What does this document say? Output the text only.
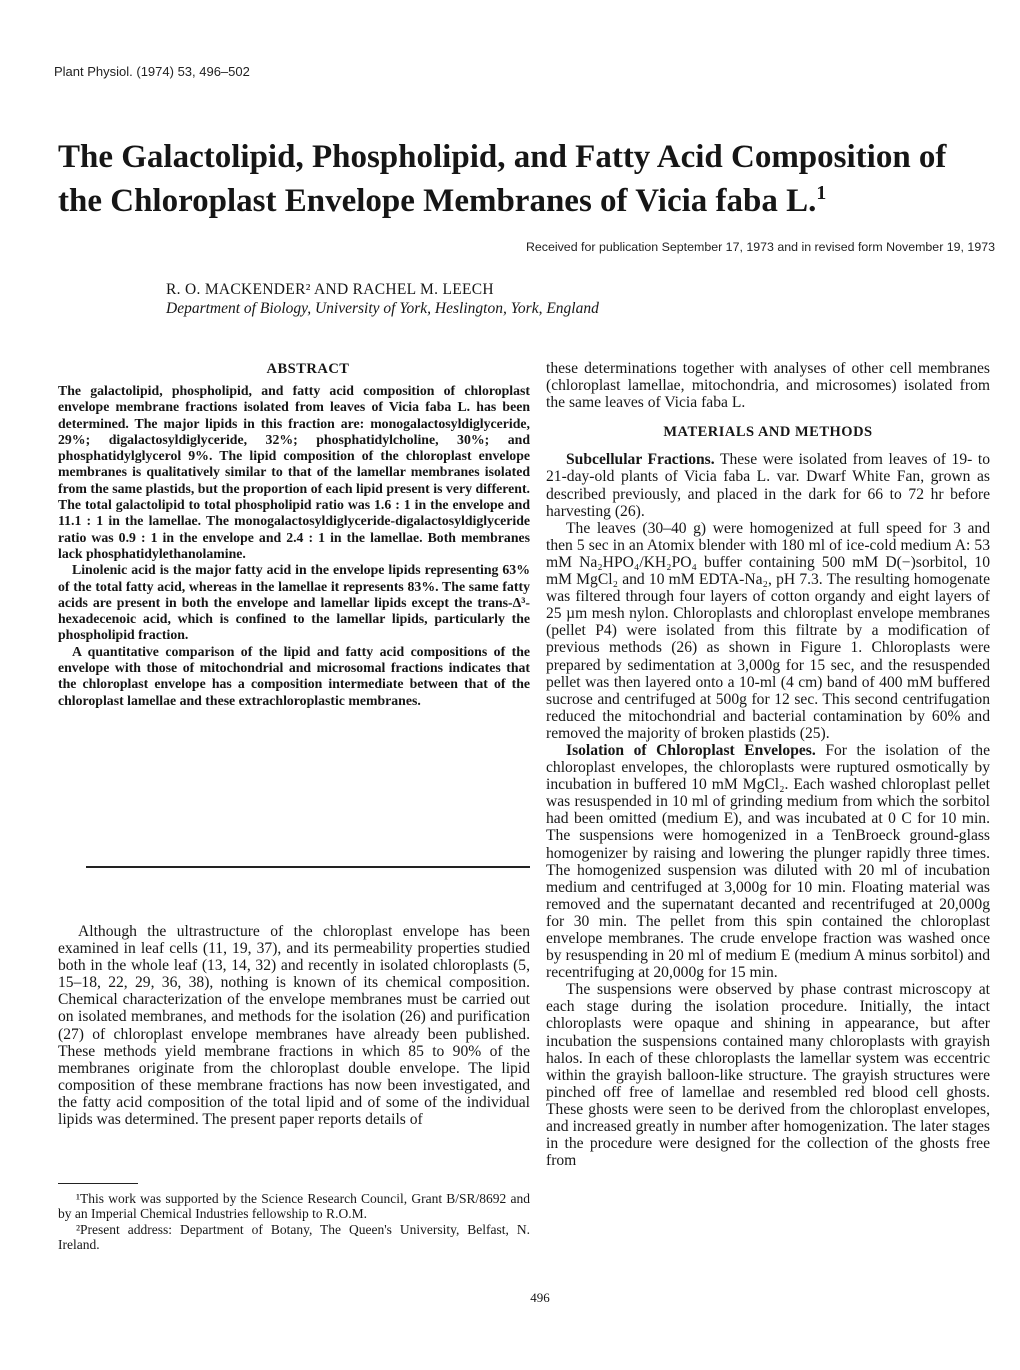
Plant Physiol. (1974) 53, 496–502
The Galactolipid, Phospholipid, and Fatty Acid Composition of
the Chloroplast Envelope Membranes of Vicia faba L.$^1$
Received for publication September 17, 1973 and in revised form November 19, 1973
R. O. MACKENDER² AND RACHEL M. LEECH
Department of Biology, University of York, Heslington, York, England
ABSTRACT

The galactolipid, phospholipid, and fatty acid composition of chloroplast envelope membrane fractions isolated from leaves of Vicia faba L. has been determined. The major lipids in this fraction are: monogalactosyldiglyceride, 29%; digalactosyldiglyceride, 32%; phosphatidylcholine, 30%; and phosphatidylglycerol 9%. The lipid composition of the chloroplast envelope membranes is qualitatively similar to that of the lamellar membranes isolated from the same plastids, but the proportion of each lipid present is very different. The total galactolipid to total phospholipid ratio was 1.6 : 1 in the envelope and 11.1 : 1 in the lamellae. The monogalactosyldiglyceride-digalactosyldiglyceride ratio was 0.9 : 1 in the envelope and 2.4 : 1 in the lamellae. Both membranes lack phosphatidylethanolamine.

Linolenic acid is the major fatty acid in the envelope lipids representing 63% of the total fatty acid, whereas in the lamellae it represents 83%. The same fatty acids are present in both the envelope and lamellar lipids except the trans-Δ³-hexadecenoic acid, which is confined to the lamellar lipids, particularly the phospholipid fraction.

A quantitative comparison of the lipid and fatty acid compositions of the envelope with those of mitochondrial and microsomal fractions indicates that the chloroplast envelope has a composition intermediate between that of the chloroplast lamellae and these extrachloroplastic membranes.

Although the ultrastructure of the chloroplast envelope has been examined in leaf cells (11, 19, 37), and its permeability properties studied both in the whole leaf (13, 14, 32) and recently in isolated chloroplasts (5, 15–18, 22, 29, 36, 38), nothing is known of its chemical composition. Chemical characterization of the envelope membranes must be carried out on isolated membranes, and methods for the isolation (26) and purification (27) of chloroplast envelope membranes have already been published. These methods yield membrane fractions in which 85 to 90% of the membranes originate from the chloroplast double envelope. The lipid composition of these membrane fractions has now been investigated, and the fatty acid composition of the total lipid and of some of the individual lipids was determined. The present paper reports details of

¹This work was supported by the Science Research Council, Grant B/SR/8692 and by an Imperial Chemical Industries fellowship to R.O.M.

²Present address: Department of Botany, The Queen's University, Belfast, N. Ireland.

these determinations together with analyses of other cell membranes (chloroplast lamellae, mitochondria, and microsomes) isolated from the same leaves of Vicia faba L.

MATERIALS AND METHODS

Subcellular Fractions. These were isolated from leaves of 19- to 21-day-old plants of Vicia faba L. var. Dwarf White Fan, grown as described previously, and placed in the dark for 66 to 72 hr before harvesting (26).

The leaves (30–40 g) were homogenized at full speed for 3 and then 5 sec in an Atomix blender with 180 ml of ice-cold medium A: 53 mM Na₂HPO₄/KH₂PO₄ buffer containing 500 mM D(−)sorbitol, 10 mM MgCl₂ and 10 mM EDTA-Na₂, pH 7.3. The resulting homogenate was filtered through four layers of cotton organdy and eight layers of 25 µm mesh nylon. Chloroplasts and chloroplast envelope membranes (pellet P4) were isolated from this filtrate by a modification of previous methods (26) as shown in Figure 1. Chloroplasts were prepared by sedimentation at 3,000g for 15 sec, and the resuspended pellet was then layered onto a 10-ml (4 cm) band of 400 mM buffered sucrose and centrifuged at 500g for 12 sec. This second centrifugation reduced the mitochondrial and bacterial contamination by 60% and removed the majority of broken plastids (25).

Isolation of Chloroplast Envelopes. For the isolation of the chloroplast envelopes, the chloroplasts were ruptured osmotically by incubation in buffered 10 mM MgCl₂. Each washed chloroplast pellet was resuspended in 10 ml of grinding medium from which the sorbitol had been omitted (medium E), and was incubated at 0 C for 10 min. The suspensions were homogenized in a TenBroeck ground-glass homogenizer by raising and lowering the plunger rapidly three times. The homogenized suspension was diluted with 20 ml of incubation medium and centrifuged at 3,000g for 10 min. Floating material was removed and the supernatant decanted and recentrifuged at 20,000g for 30 min. The pellet from this spin contained the chloroplast envelope membranes. The crude envelope fraction was washed once by resuspending in 20 ml of medium E (medium A minus sorbitol) and recentrifuging at 20,000g for 15 min.

The suspensions were observed by phase contrast microscopy at each stage during the isolation procedure. Initially, the intact chloroplasts were opaque and shining in appearance, but after incubation the suspensions contained many chloroplasts with grayish halos. In each of these chloroplasts the lamellar system was eccentric within the grayish balloon-like structure. The grayish structures were pinched off free of lamellae and resembled red blood cell ghosts. These ghosts were seen to be derived from the chloroplast envelopes, and increased greatly in number after homogenization. The later stages in the procedure were designed for the collection of the ghosts free from

496
